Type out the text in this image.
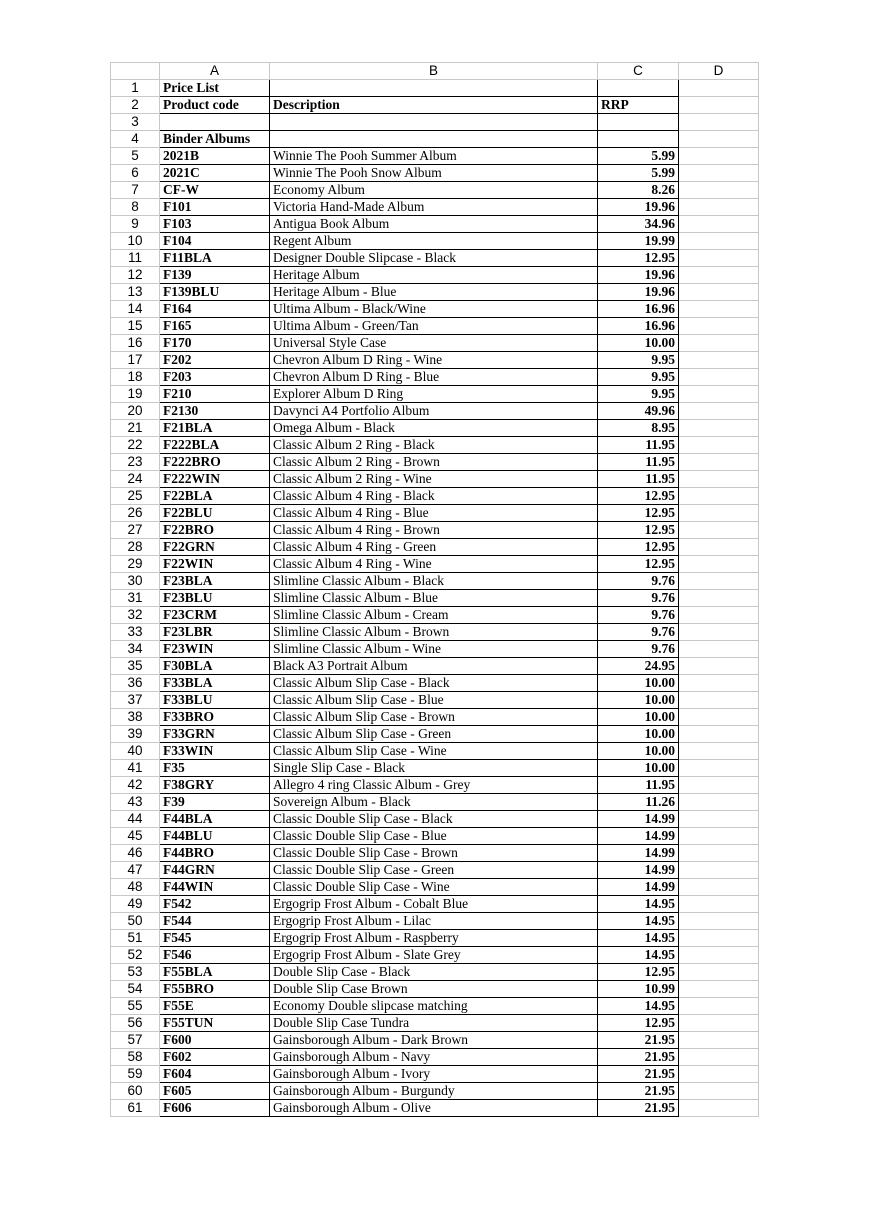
	A	B	C	D
1	Price List			
2	Product code	Description	RRP	
3				
4	Binder Albums			
5	2021B	Winnie The Pooh Summer Album	5.99	
6	2021C	Winnie The Pooh Snow Album	5.99	
7	CF-W	Economy Album	8.26	
8	F101	Victoria Hand-Made Album	19.96	
9	F103	Antigua Book Album	34.96	
10	F104	Regent Album	19.99	
11	F11BLA	Designer Double Slipcase - Black	12.95	
12	F139	Heritage Album	19.96	
13	F139BLU	Heritage Album - Blue	19.96	
14	F164	Ultima Album - Black/Wine	16.96	
15	F165	Ultima Album - Green/Tan	16.96	
16	F170	Universal Style Case	10.00	
17	F202	Chevron Album D Ring - Wine	9.95	
18	F203	Chevron Album D Ring - Blue	9.95	
19	F210	Explorer Album D Ring	9.95	
20	F2130	Davynci A4 Portfolio Album	49.96	
21	F21BLA	Omega Album - Black	8.95	
22	F222BLA	Classic Album 2 Ring - Black	11.95	
23	F222BRO	Classic Album 2 Ring - Brown	11.95	
24	F222WIN	Classic Album 2 Ring - Wine	11.95	
25	F22BLA	Classic Album 4 Ring - Black	12.95	
26	F22BLU	Classic Album 4 Ring - Blue	12.95	
27	F22BRO	Classic Album 4 Ring - Brown	12.95	
28	F22GRN	Classic Album 4 Ring - Green	12.95	
29	F22WIN	Classic Album 4 Ring - Wine	12.95	
30	F23BLA	Slimline Classic Album - Black	9.76	
31	F23BLU	Slimline Classic Album - Blue	9.76	
32	F23CRM	Slimline Classic Album - Cream	9.76	
33	F23LBR	Slimline Classic Album - Brown	9.76	
34	F23WIN	Slimline Classic Album - Wine	9.76	
35	F30BLA	Black A3 Portrait Album	24.95	
36	F33BLA	Classic Album Slip Case - Black	10.00	
37	F33BLU	Classic Album Slip Case - Blue	10.00	
38	F33BRO	Classic Album Slip Case - Brown	10.00	
39	F33GRN	Classic Album Slip Case - Green	10.00	
40	F33WIN	Classic Album Slip Case - Wine	10.00	
41	F35	Single Slip Case - Black	10.00	
42	F38GRY	Allegro 4 ring Classic Album - Grey	11.95	
43	F39	Sovereign Album - Black	11.26	
44	F44BLA	Classic Double Slip Case - Black	14.99	
45	F44BLU	Classic Double Slip Case - Blue	14.99	
46	F44BRO	Classic Double Slip Case - Brown	14.99	
47	F44GRN	Classic Double Slip Case - Green	14.99	
48	F44WIN	Classic Double Slip Case - Wine	14.99	
49	F542	Ergogrip Frost Album - Cobalt Blue	14.95	
50	F544	Ergogrip Frost Album - Lilac	14.95	
51	F545	Ergogrip Frost Album - Raspberry	14.95	
52	F546	Ergogrip Frost Album - Slate Grey	14.95	
53	F55BLA	Double Slip Case - Black	12.95	
54	F55BRO	Double Slip Case Brown	10.99	
55	F55E	Economy Double slipcase matching	14.95	
56	F55TUN	Double Slip Case Tundra	12.95	
57	F600	Gainsborough Album - Dark Brown	21.95	
58	F602	Gainsborough Album - Navy	21.95	
59	F604	Gainsborough Album - Ivory	21.95	
60	F605	Gainsborough Album - Burgundy	21.95	
61	F606	Gainsborough Album - Olive	21.95	
